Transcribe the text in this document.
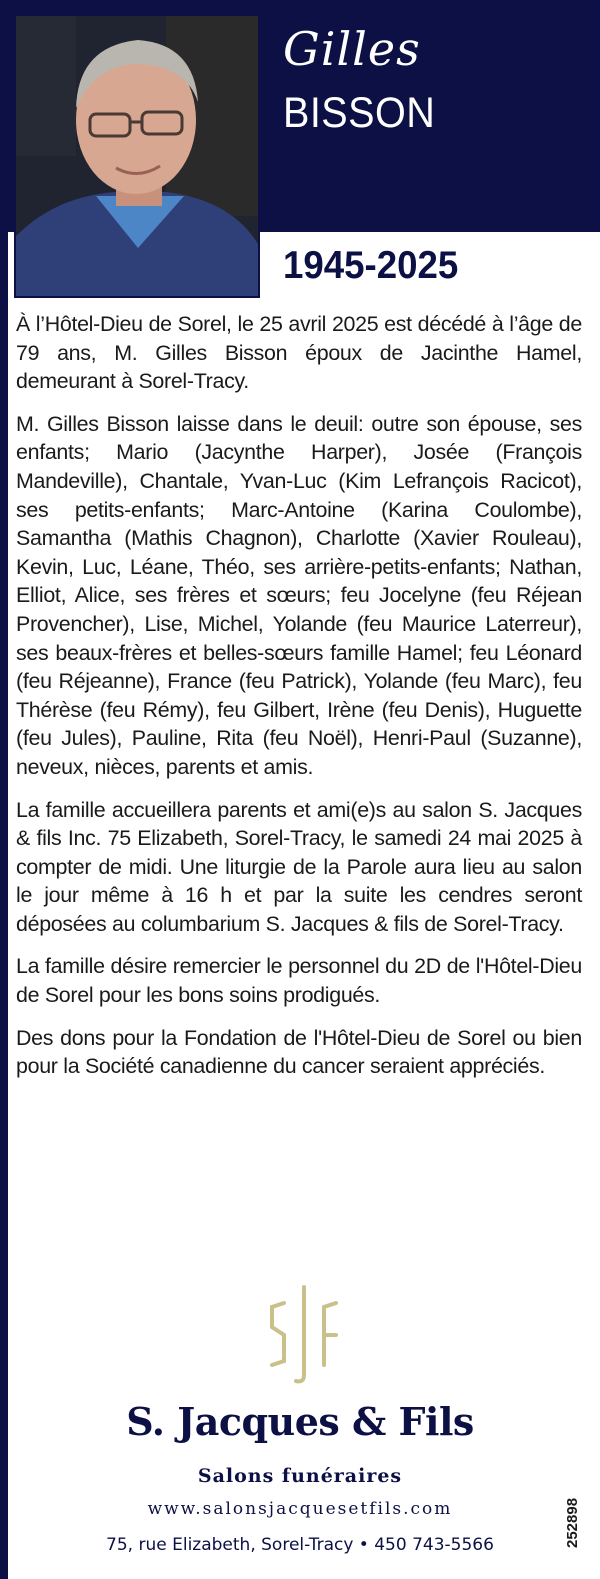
Gilles
BISSON
1945-2025

À l’Hôtel-Dieu de Sorel, le 25 avril 2025 est décédé à l’âge de 79 ans, M. Gilles Bisson époux de Jacinthe Hamel, demeurant à Sorel-Tracy.

M. Gilles Bisson laisse dans le deuil: outre son épouse, ses enfants; Mario (Jacynthe Harper), Josée (François Mandeville), Chantale, Yvan-Luc (Kim Lefrançois Racicot), ses petits-enfants; Marc-Antoine (Karina Coulombe), Samantha (Mathis Chagnon), Charlotte (Xavier Rouleau), Kevin, Luc, Léane, Théo, ses arrière-petits-enfants; Nathan, Elliot, Alice, ses frères et sœurs; feu Jocelyne (feu Réjean Provencher), Lise, Michel, Yolande (feu Maurice Laterreur), ses beaux-frères et belles-sœurs famille Hamel; feu Léonard (feu Réjeanne), France (feu Patrick), Yolande (feu Marc), feu Thérèse (feu Rémy), feu Gilbert, Irène (feu Denis), Huguette (feu Jules), Pauline, Rita (feu Noël), Henri-Paul (Suzanne), neveux, nièces, parents et amis.

La famille accueillera parents et ami(e)s au salon S. Jacques & fils Inc. 75 Elizabeth, Sorel-Tracy, le samedi 24 mai 2025 à compter de midi. Une liturgie de la Parole aura lieu au salon le jour même à 16 h et par la suite les cendres seront déposées au columbarium S. Jacques & fils de Sorel-Tracy.

La famille désire remercier le personnel du 2D de l'Hôtel-Dieu de Sorel pour les bons soins prodigués.

Des dons pour la Fondation de l'Hôtel-Dieu de Sorel ou bien pour la Société canadienne du cancer seraient appréciés.

S. Jacques & Fils
Salons funéraires
www.salonsjacquesetfils.com
75, rue Elizabeth, Sorel-Tracy • 450 743-5566	252898
